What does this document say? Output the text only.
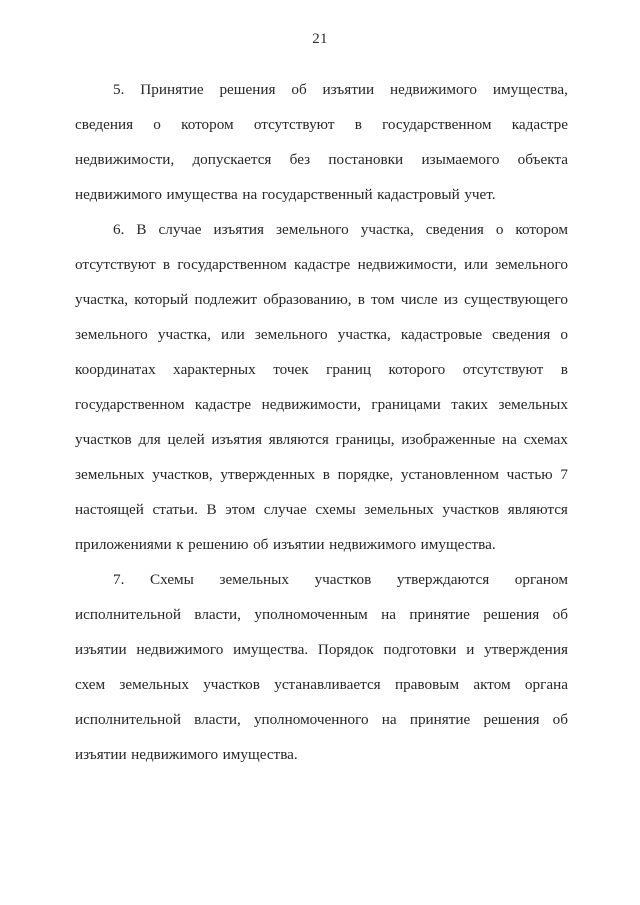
21
5. Принятие решения об изъятии недвижимого имущества,
сведения о котором отсутствуют в государственном кадастре
недвижимости, допускается без постановки изымаемого объекта
недвижимого имущества на государственный кадастровый учет.
6. В случае изъятия земельного участка, сведения о котором
отсутствуют в государственном кадастре недвижимости, или земельного
участка, который подлежит образованию, в том числе из существующего
земельного участка, или земельного участка, кадастровые сведения о
координатах характерных точек границ которого отсутствуют в
государственном кадастре недвижимости, границами таких земельных
участков для целей изъятия являются границы, изображенные на схемах
земельных участков, утвержденных в порядке, установленном частью 7
настоящей статьи. В этом случае схемы земельных участков являются
приложениями к решению об изъятии недвижимого имущества.
7. Схемы земельных участков утверждаются органом
исполнительной власти, уполномоченным на принятие решения об
изъятии недвижимого имущества. Порядок подготовки и утверждения
схем земельных участков устанавливается правовым актом органа
исполнительной власти, уполномоченного на принятие решения об
изъятии недвижимого имущества.
